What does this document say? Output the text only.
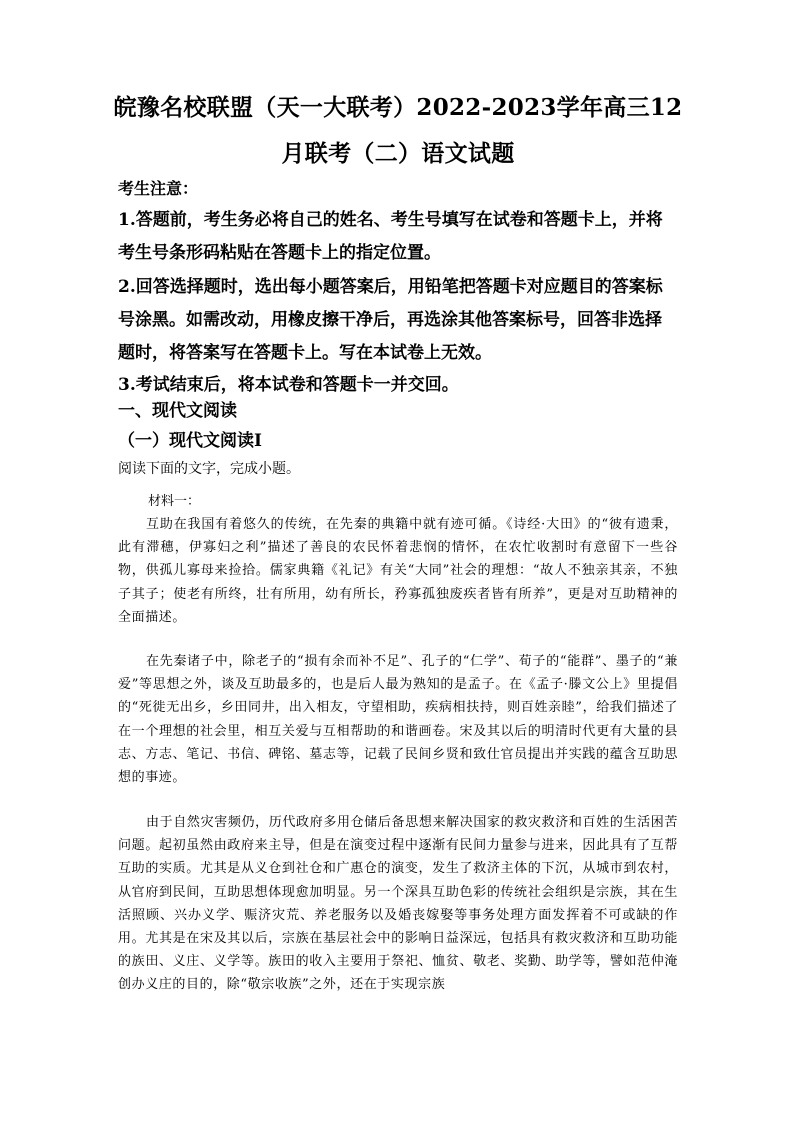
皖豫名校联盟（天一大联考）2022-2023学年高三12月联考（二）语文试题
考生注意：
1.答题前，考生务必将自己的姓名、考生号填写在试卷和答题卡上，并将考生号条形码粘贴在答题卡上的指定位置。
2.回答选择题时，选出每小题答案后，用铅笔把答题卡对应题目的答案标号涂黑。如需改动，用橡皮擦干净后，再选涂其他答案标号，回答非选择题时，将答案写在答题卡上。写在本试卷上无效。
3.考试结束后，将本试卷和答题卡一并交回。
一、现代文阅读
（一）现代文阅读Ⅰ
阅读下面的文字，完成小题。
材料一：
互助在我国有着悠久的传统，在先秦的典籍中就有迹可循。《诗经·大田》的“彼有遗秉，此有滞穗，伊寡妇之利”描述了善良的农民怀着悲悯的情怀，在农忙收割时有意留下一些谷物，供孤儿寡母来捡拾。儒家典籍《礼记》有关“大同”社会的理想：“故人不独亲其亲，不独子其子；使老有所终，壮有所用，幼有所长，矜寡孤独废疾者皆有所养”，更是对互助精神的全面描述。
在先秦诸子中，除老子的“损有余而补不足”、孔子的“仁学”、荀子的“能群”、墨子的“兼爱”等思想之外，谈及互助最多的，也是后人最为熟知的是孟子。在《孟子·滕文公上》里提倡的“死徙无出乡，乡田同井，出入相友，守望相助，疾病相扶持，则百姓亲睦”，给我们描述了在一个理想的社会里，相互关爱与互相帮助的和谐画卷。宋及其以后的明清时代更有大量的县志、方志、笔记、书信、碑铭、墓志等，记载了民间乡贤和致仕官员提出并实践的蕴含互助思想的事迹。
由于自然灾害频仍，历代政府多用仓储后备思想来解决国家的救灾救济和百姓的生活困苦问题。起初虽然由政府来主导，但是在演变过程中逐渐有民间力量参与进来，因此具有了互帮互助的实质。尤其是从义仓到社仓和广惠仓的演变，发生了救济主体的下沉，从城市到农村，从官府到民间，互助思想体现愈加明显。另一个深具互助色彩的传统社会组织是宗族，其在生活照顾、兴办义学、赈济灾荒、养老服务以及婚丧嫁娶等事务处理方面发挥着不可或缺的作用。尤其是在宋及其以后，宗族在基层社会中的影响日益深远，包括具有救灾救济和互助功能的族田、义庄、义学等。族田的收入主要用于祭祀、恤贫、敬老、奖勤、助学等，譬如范仲淹创办义庄的目的，除“敬宗收族”之外，还在于实现宗族
